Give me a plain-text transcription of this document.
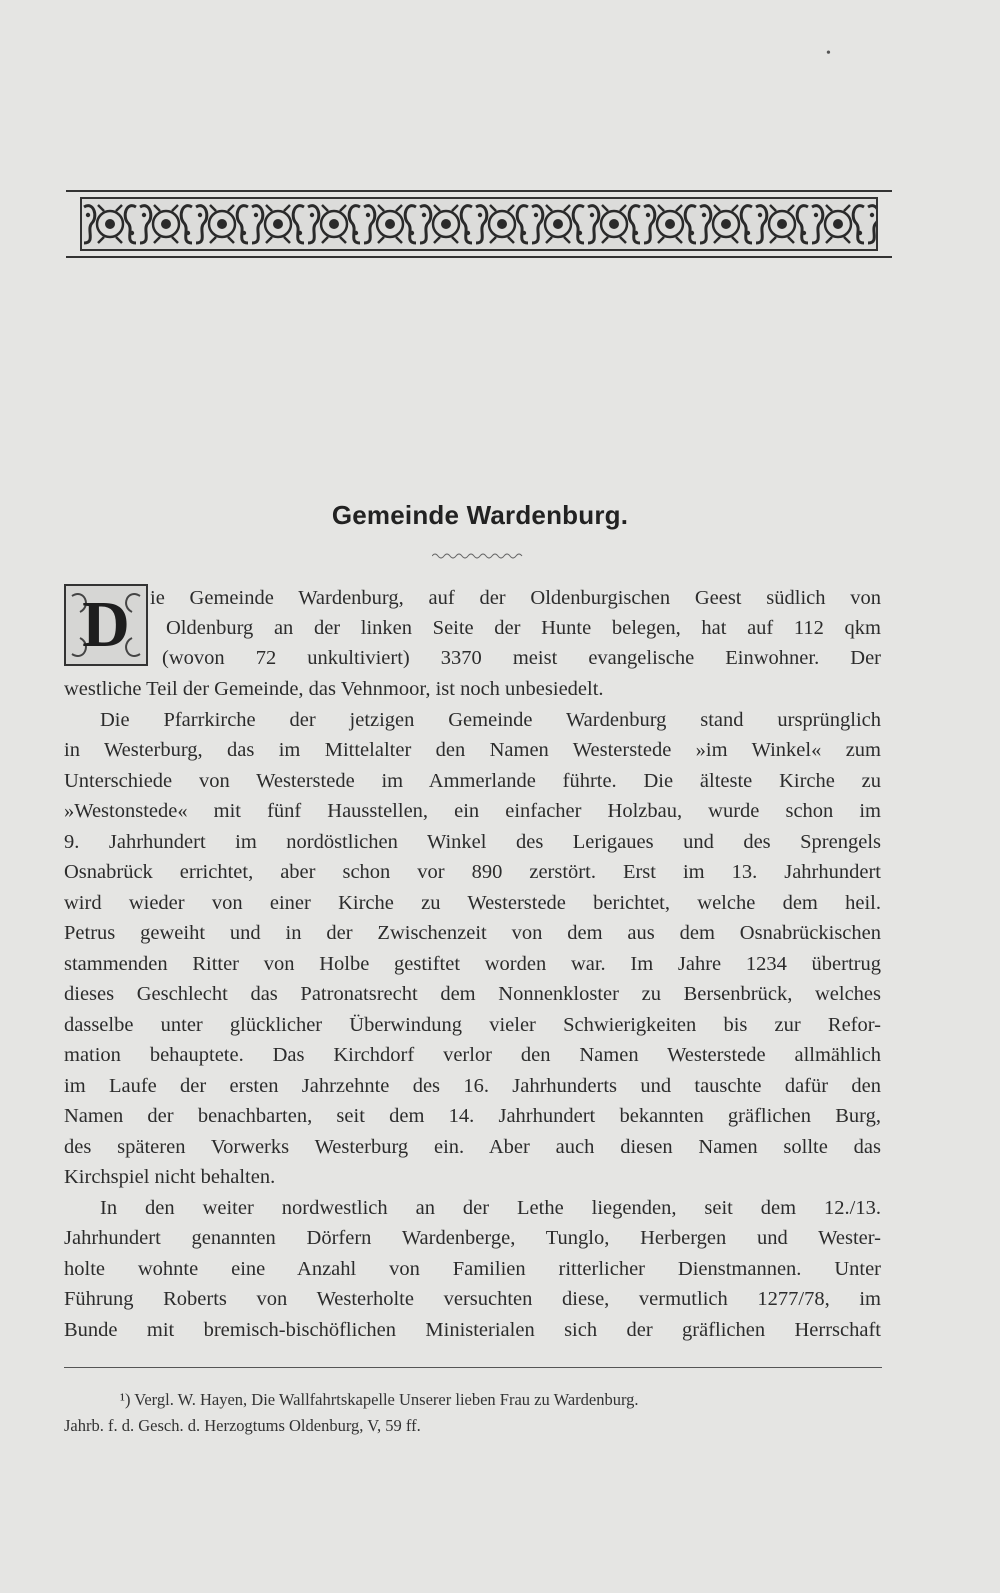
•
Gemeinde Wardenburg.
D ie Gemeinde Wardenburg, auf der Oldenburgischen Geest südlich von
Oldenburg an der linken Seite der Hunte belegen, hat auf 112 qkm
(wovon 72 unkultiviert) 3370 meist evangelische Einwohner. Der
westliche Teil der Gemeinde, das Vehnmoor, ist noch unbesiedelt.
Die Pfarrkirche der jetzigen Gemeinde Wardenburg stand ursprünglich
in Westerburg, das im Mittelalter den Namen Westerstede »im Winkel« zum
Unterschiede von Westerstede im Ammerlande führte. Die älteste Kirche zu
»Westonstede« mit fünf Hausstellen, ein einfacher Holzbau, wurde schon im
9. Jahrhundert im nordöstlichen Winkel des Lerigaues und des Sprengels
Osnabrück errichtet, aber schon vor 890 zerstört. Erst im 13. Jahrhundert
wird wieder von einer Kirche zu Westerstede berichtet, welche dem heil.
Petrus geweiht und in der Zwischenzeit von dem aus dem Osnabrückischen
stammenden Ritter von Holbe gestiftet worden war. Im Jahre 1234 übertrug
dieses Geschlecht das Patronatsrecht dem Nonnenkloster zu Bersenbrück, welches
dasselbe unter glücklicher Überwindung vieler Schwierigkeiten bis zur Refor-
mation behauptete. Das Kirchdorf verlor den Namen Westerstede allmählich
im Laufe der ersten Jahrzehnte des 16. Jahrhunderts und tauschte dafür den
Namen der benachbarten, seit dem 14. Jahrhundert bekannten gräflichen Burg,
des späteren Vorwerks Westerburg ein. Aber auch diesen Namen sollte das
Kirchspiel nicht behalten.
In den weiter nordwestlich an der Lethe liegenden, seit dem 12./13.
Jahrhundert genannten Dörfern Wardenberge, Tunglo, Herbergen und Wester-
holte wohnte eine Anzahl von Familien ritterlicher Dienstmannen. Unter
Führung Roberts von Westerholte versuchten diese, vermutlich 1277/78, im
Bunde mit bremisch-bischöflichen Ministerialen sich der gräflichen Herrschaft
¹) Vergl. W. Hayen, Die Wallfahrtskapelle Unserer lieben Frau zu Wardenburg.
Jahrb. f. d. Gesch. d. Herzogtums Oldenburg, V, 59 ff.
